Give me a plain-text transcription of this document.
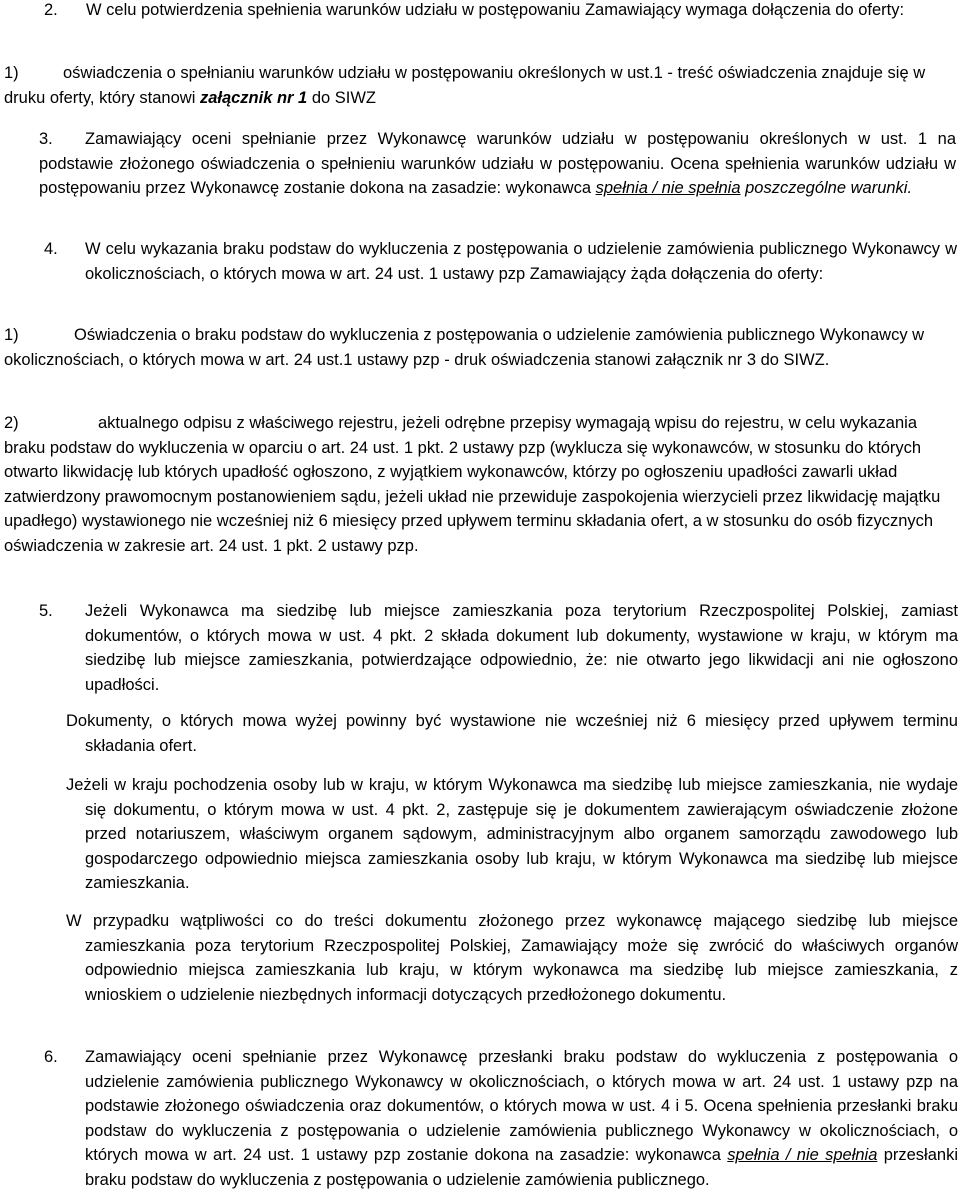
2.	W celu potwierdzenia spełnienia warunków udziału w postępowaniu Zamawiający wymaga dołączenia do oferty:
1)	oświadczenia o spełnianiu warunków udziału w postępowaniu określonych w ust.1 - treść oświadczenia znajduje się w druku oferty, który stanowi załącznik nr 1 do SIWZ
3.	Zamawiający oceni spełnianie przez Wykonawcę warunków udziału w postępowaniu określonych w ust. 1 na podstawie złożonego oświadczenia o spełnieniu warunków udziału w postępowaniu. Ocena spełnienia warunków udziału w postępowaniu przez Wykonawcę zostanie dokona na zasadzie: wykonawca spełnia / nie spełnia poszczególne warunki.
4.	W celu wykazania braku podstaw do wykluczenia z postępowania o udzielenie zamówienia publicznego Wykonawcy w okolicznościach, o których mowa w art. 24 ust. 1 ustawy pzp Zamawiający żąda dołączenia do oferty:
1)	Oświadczenia o braku podstaw do wykluczenia z postępowania o udzielenie zamówienia publicznego Wykonawcy w okolicznościach, o których mowa w art. 24 ust.1 ustawy pzp - druk oświadczenia stanowi załącznik nr 3 do SIWZ.
2)	aktualnego odpisu z właściwego rejestru, jeżeli odrębne przepisy wymagają wpisu do rejestru, w celu wykazania braku podstaw do wykluczenia w oparciu o art. 24 ust. 1 pkt. 2 ustawy pzp (wyklucza się wykonawców, w stosunku do których otwarto likwidację lub których upadłość ogłoszono, z wyjątkiem wykonawców, którzy po ogłoszeniu upadłości zawarli układ zatwierdzony prawomocnym postanowieniem sądu, jeżeli układ nie przewiduje zaspokojenia wierzycieli przez likwidację majątku upadłego) wystawionego nie wcześniej niż 6 miesięcy przed upływem terminu składania ofert, a w stosunku do osób fizycznych oświadczenia w zakresie art. 24 ust. 1 pkt. 2 ustawy pzp.
5.	Jeżeli Wykonawca ma siedzibę lub miejsce zamieszkania poza terytorium Rzeczpospolitej Polskiej, zamiast dokumentów, o których mowa w ust. 4 pkt. 2 składa dokument lub dokumenty, wystawione w kraju, w którym ma siedzibę lub miejsce zamieszkania, potwierdzające odpowiednio, że: nie otwarto jego likwidacji ani nie ogłoszono upadłości.
Dokumenty, o których mowa wyżej powinny być wystawione nie wcześniej niż 6 miesięcy przed upływem terminu składania ofert.
Jeżeli w kraju pochodzenia osoby lub w kraju, w którym Wykonawca ma siedzibę lub miejsce zamieszkania, nie wydaje się dokumentu, o którym mowa w ust. 4 pkt. 2, zastępuje się je dokumentem zawierającym oświadczenie złożone przed notariuszem, właściwym organem sądowym, administracyjnym albo organem samorządu zawodowego lub gospodarczego odpowiednio miejsca zamieszkania osoby lub kraju, w którym Wykonawca ma siedzibę lub miejsce zamieszkania.
W przypadku wątpliwości co do treści dokumentu złożonego przez wykonawcę mającego siedzibę lub miejsce zamieszkania poza terytorium Rzeczpospolitej Polskiej, Zamawiający może się zwrócić do właściwych organów odpowiednio miejsca zamieszkania lub kraju, w którym wykonawca ma siedzibę lub miejsce zamieszkania, z wnioskiem o udzielenie niezbędnych informacji dotyczących przedłożonego dokumentu.
6.	Zamawiający oceni spełnianie przez Wykonawcę przesłanki braku podstaw do wykluczenia z postępowania o udzielenie zamówienia publicznego Wykonawcy w okolicznościach, o których mowa w art. 24 ust. 1 ustawy pzp na podstawie złożonego oświadczenia oraz dokumentów, o których mowa w ust. 4 i 5. Ocena spełnienia przesłanki braku podstaw do wykluczenia z postępowania o udzielenie zamówienia publicznego Wykonawcy w okolicznościach, o których mowa w art. 24 ust. 1 ustawy pzp zostanie dokona na zasadzie: wykonawca spełnia / nie spełnia przesłanki braku podstaw do wykluczenia z postępowania o udzielenie zamówienia publicznego.
